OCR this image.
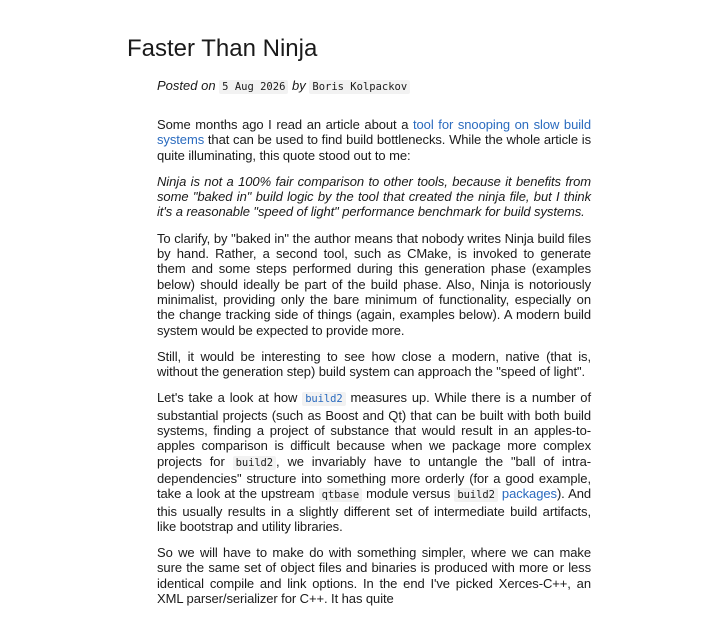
Faster Than Ninja
Posted on 5 Aug 2026 by Boris Kolpackov

Some months ago I read an article about a tool for snooping on slow build systems that can be used to find build bottlenecks. While the whole article is quite illuminating, this quote stood out to me:

Ninja is not a 100% fair comparison to other tools, because it benefits from some "baked in" build logic by the tool that created the ninja file, but I think it's a reasonable "speed of light" performance benchmark for build systems.

To clarify, by "baked in" the author means that nobody writes Ninja build files by hand. Rather, a second tool, such as CMake, is invoked to generate them and some steps performed during this generation phase (examples below) should ideally be part of the build phase. Also, Ninja is notoriously minimalist, providing only the bare minimum of functionality, especially on the change tracking side of things (again, examples below). A modern build system would be expected to provide more.

Still, it would be interesting to see how close a modern, native (that is, without the generation step) build system can approach the "speed of light".

Let's take a look at how build2 measures up. While there is a number of substantial projects (such as Boost and Qt) that can be built with both build systems, finding a project of substance that would result in an apples-to-apples comparison is difficult because when we package more complex projects for build2 , we invariably have to untangle the "ball of intra-dependencies" structure into something more orderly (for a good example, take a look at the upstream qtbase module versus build2 packages). And this usually results in a slightly different set of intermediate build artifacts, like bootstrap and utility libraries.

So we will have to make do with something simpler, where we can make sure the same set of object files and binaries is produced with more or less identical compile and link options. In the end I've picked Xerces-C++, an XML parser/serializer for C++. It has quite
